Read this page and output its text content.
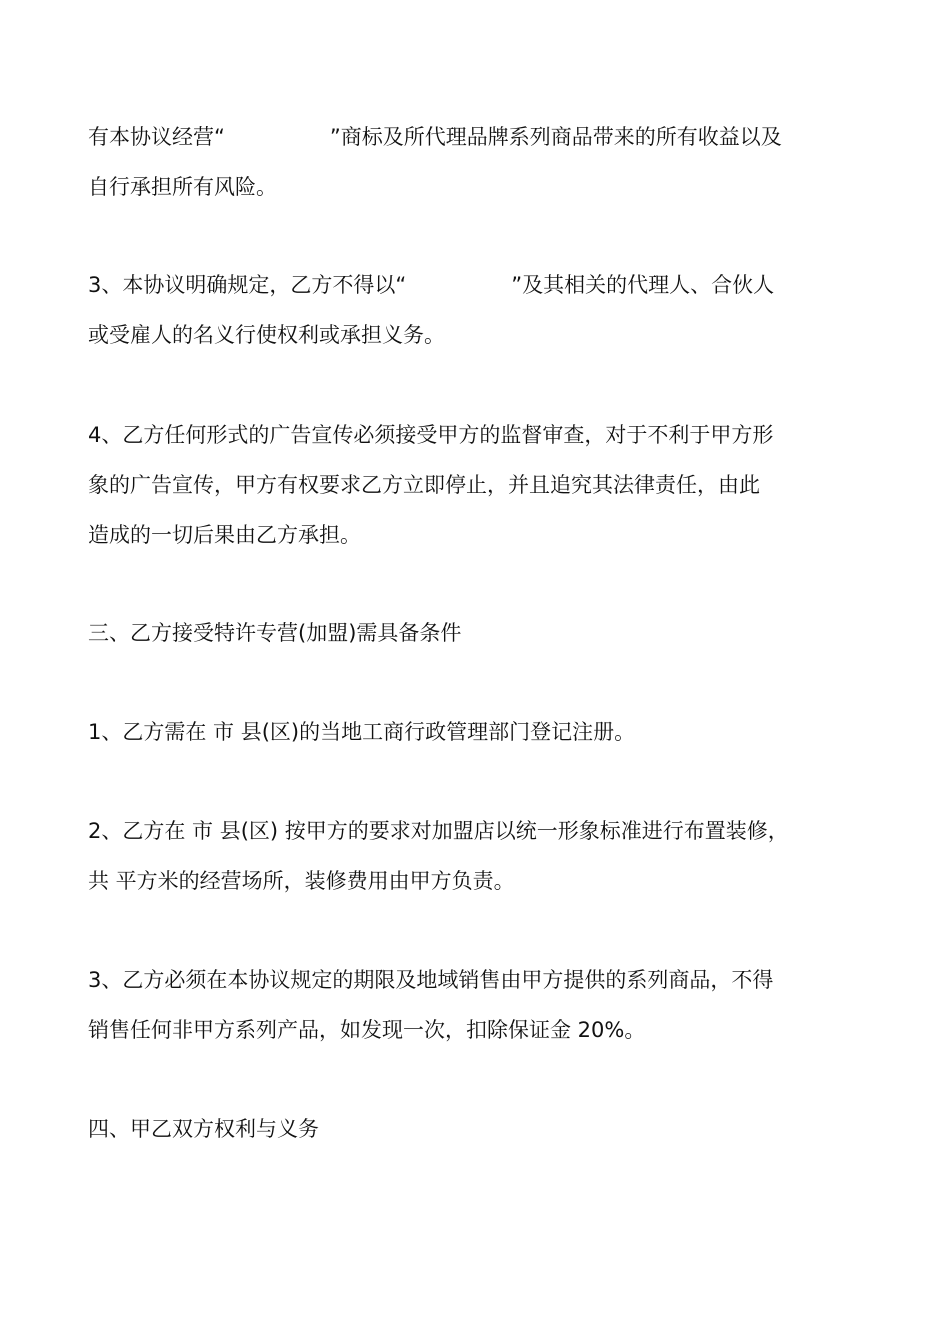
有本协议经营“　　　　　”商标及所代理品牌系列商品带来的所有收益以及
自行承担所有风险。

3、本协议明确规定，乙方不得以“　　　　　”及其相关的代理人、合伙人
或受雇人的名义行使权利或承担义务。

4、乙方任何形式的广告宣传必须接受甲方的监督审查，对于不利于甲方形
象的广告宣传，甲方有权要求乙方立即停止，并且追究其法律责任，由此
造成的一切后果由乙方承担。

三、乙方接受特许专营(加盟)需具备条件

1、乙方需在 市 县(区)的当地工商行政管理部门登记注册。

2、乙方在 市 县(区) 按甲方的要求对加盟店以统一形象标准进行布置装修，
共 平方米的经营场所，装修费用由甲方负责。

3、乙方必须在本协议规定的期限及地域销售由甲方提供的系列商品，不得
销售任何非甲方系列产品，如发现一次，扣除保证金 20%。

四、甲乙双方权利与义务
